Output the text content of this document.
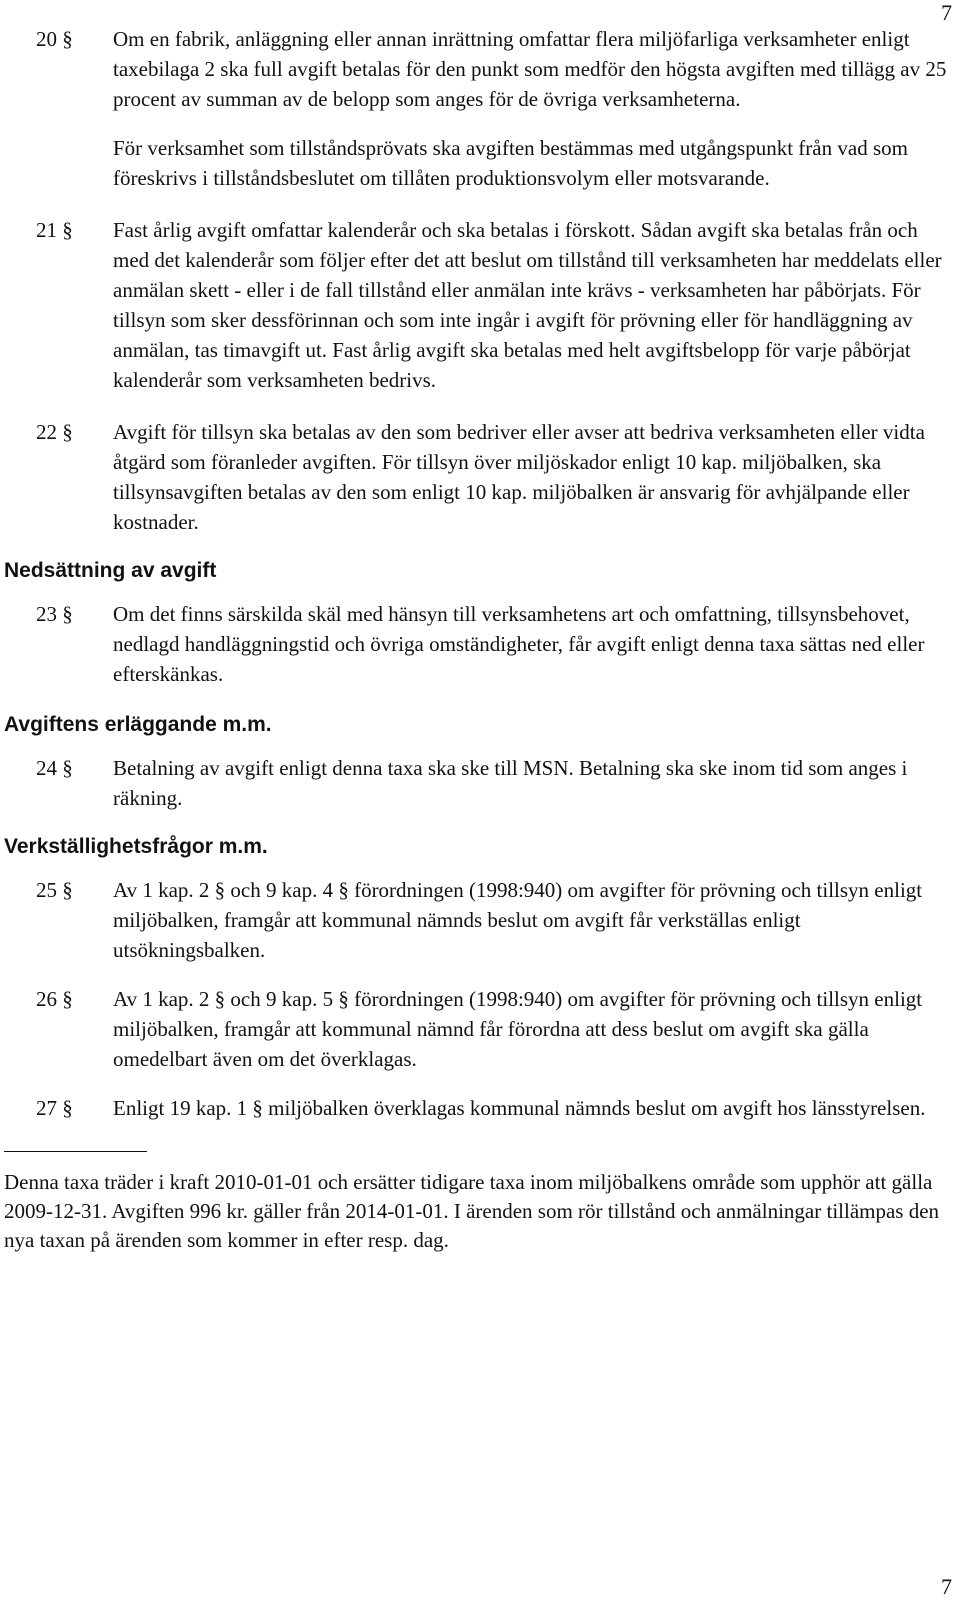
7
20 §	Om en fabrik, anläggning eller annan inrättning omfattar flera miljöfarliga verksamheter enligt taxebilaga 2 ska full avgift betalas för den punkt som medför den högsta avgiften med tillägg av 25 procent av summan av de belopp som anges för de övriga verksamheterna.
För verksamhet som tillståndsprövats ska avgiften bestämmas med utgångspunkt från vad som föreskrivs i tillståndsbeslutet om tillåten produktionsvolym eller motsvarande.
21 §	Fast årlig avgift omfattar kalenderår och ska betalas i förskott. Sådan avgift ska betalas från och med det kalenderår som följer efter det att beslut om tillstånd till verksamheten har meddelats eller anmälan skett - eller i de fall tillstånd eller anmälan inte krävs - verksamheten har påbörjats. För tillsyn som sker dessförinnan och som inte ingår i avgift för prövning eller för handläggning av anmälan, tas timavgift ut. Fast årlig avgift ska betalas med helt avgiftsbelopp för varje påbörjat kalenderår som verksamheten bedrivs.
22 §	Avgift för tillsyn ska betalas av den som bedriver eller avser att bedriva verksamheten eller vidta åtgärd som föranleder avgiften. För tillsyn över miljöskador enligt 10 kap. miljöbalken, ska tillsynsavgiften betalas av den som enligt 10 kap. miljöbalken är ansvarig för avhjälpande eller kostnader.
Nedsättning av avgift
23 §	Om det finns särskilda skäl med hänsyn till verksamhetens art och omfattning, tillsynsbehovet, nedlagd handläggningstid och övriga omständigheter, får avgift enligt denna taxa sättas ned eller efterskänkas.
Avgiftens erläggande m.m.
24 §	Betalning av avgift enligt denna taxa ska ske till MSN. Betalning ska ske inom tid som anges i räkning.
Verkställighetsfrågor m.m.
25 §	Av 1 kap. 2 § och 9 kap. 4 § förordningen (1998:940) om avgifter för prövning och tillsyn enligt miljöbalken, framgår att kommunal nämnds beslut om avgift får verkställas enligt utsökningsbalken.
26 §	Av 1 kap. 2 § och 9 kap. 5 § förordningen (1998:940) om avgifter för prövning och tillsyn enligt miljöbalken, framgår att kommunal nämnd får förordna att dess beslut om avgift ska gälla omedelbart även om det överklagas.
27 §	Enligt 19 kap. 1 § miljöbalken överklagas kommunal nämnds beslut om avgift hos länsstyrelsen.
Denna taxa träder i kraft 2010-01-01 och ersätter tidigare taxa inom miljöbalkens område som upphör att gälla 2009-12-31. Avgiften 996 kr. gäller från 2014-01-01. I ärenden som rör tillstånd och anmälningar tillämpas den nya taxan på ärenden som kommer in efter resp. dag.
7
